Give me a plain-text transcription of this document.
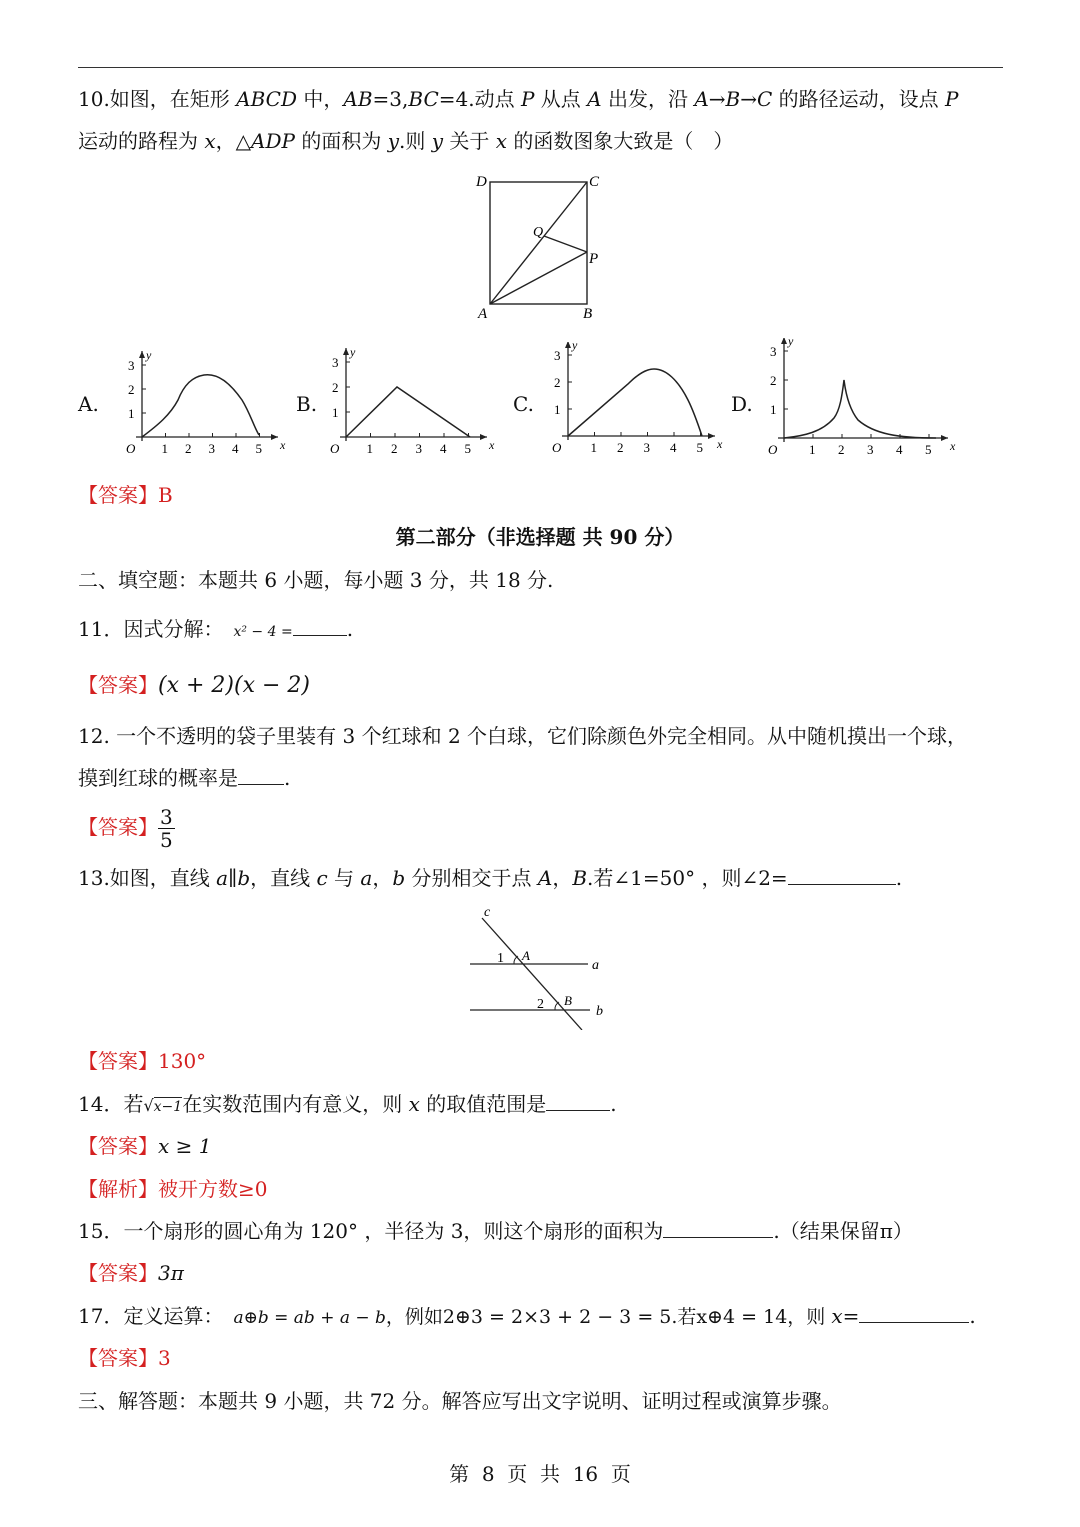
10.如图，在矩形 ABCD 中，AB=3,BC=4.动点 P 从点 A 出发，沿 A→B→C 的路径运动，设点 P
运动的路程为 x，△ADP 的面积为 y.则 y 关于 x 的函数图象大致是（　）
D	C
Q
P
A	B
A.	B.	C.	D.
1 2 3 4 5
1
2
3
O	x
y
1 2 3 4 5
1
2
3
O	x
y
1 2 3 4 5
1
2
3
O	x
y
1 2 3 4 5
1
2
3
O	x
y
【答案】B
第二部分（非选择题 共 90 分）
二、填空题：本题共 6 小题，每小题 3 分，共 18 分.
11．因式分解： x² − 4 =	.
【答案】(x + 2)(x − 2)
12. 一个不透明的袋子里装有 3 个红球和 2 个白球，它们除颜色外完全相同。从中随机摸出一个球，
摸到红球的概率是 .
【答案】 $\frac{3}{5}$
13.如图，直线 a∥b，直线 c 与 a，b 分别相交于点 A，B.若∠1=50° ，则∠2=	.
c
1 A
a
2 B
b
【答案】130°
14．若√x−1在实数范围内有意义，则 x 的取值范围是	.
【答案】x ≥ 1
【解析】被开方数≥0
15．一个扇形的圆心角为 120° ，半径为 3，则这个扇形的面积为	.（结果保留π）
【答案】3π
17．定义运算： a⊕b = ab + a − b，例如2⊕3 = 2×3 + 2 − 3 = 5.若x⊕4 = 14，则 x=	.
【答案】3
三、解答题：本题共 9 小题，共 72 分。解答应写出文字说明、证明过程或演算步骤。
第  8  页  共  16  页
